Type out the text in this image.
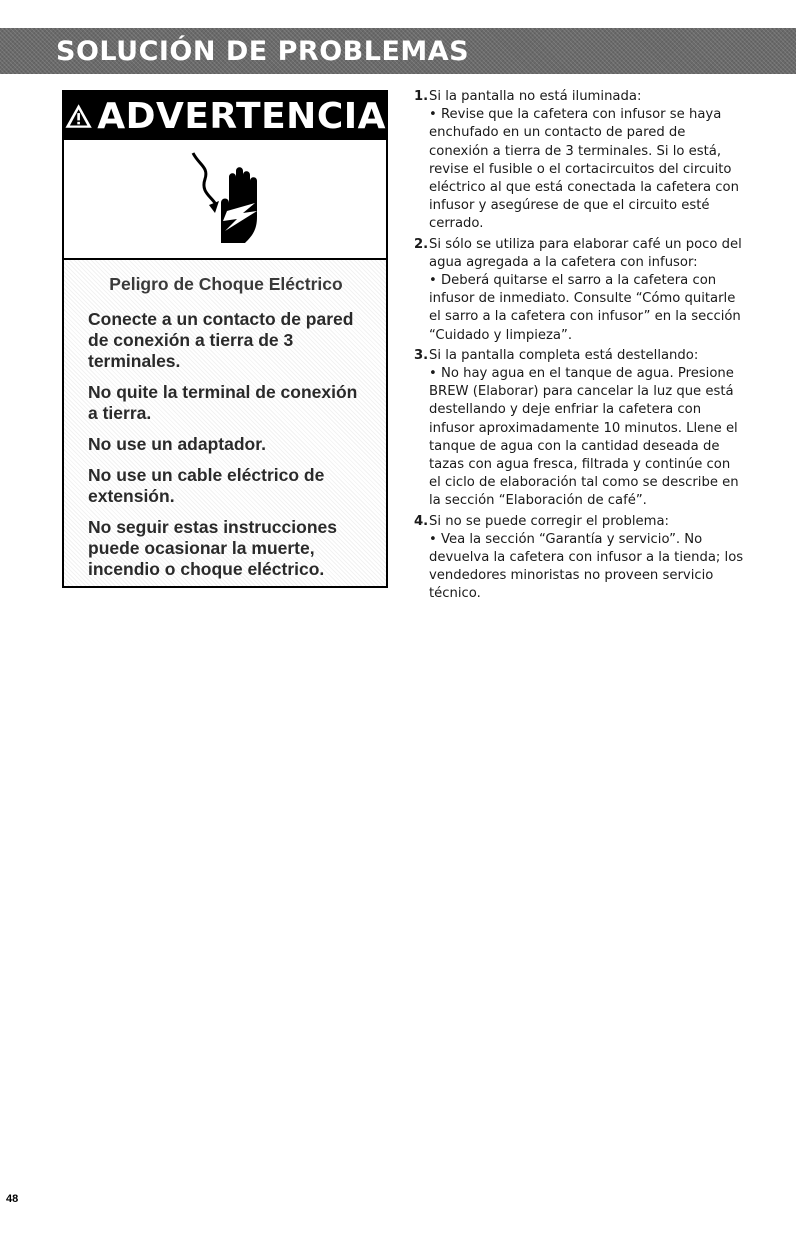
SOLUCIÓN DE PROBLEMAS
ADVERTENCIA

Peligro de Choque Eléctrico

Conecte a un contacto de pared de conexión a tierra de 3 terminales.

No quite la terminal de conexión a tierra.

No use un adaptador.

No use un cable eléctrico de extensión.

No seguir estas instrucciones puede ocasionar la muerte, incendio o choque eléctrico.

1. Si la pantalla no está iluminada:
• Revise que la cafetera con infusor se haya enchufado en un contacto de pared de conexión a tierra de 3 terminales. Si lo está, revise el fusible o el cortacircuitos del circuito eléctrico al que está conectada la cafetera con infusor y asegúrese de que el circuito esté cerrado.
2. Si sólo se utiliza para elaborar café un poco del agua agregada a la cafetera con infusor:
• Deberá quitarse el sarro a la cafetera con infusor de inmediato. Consulte “Cómo quitarle el sarro a la cafetera con infusor” en la sección “Cuidado y limpieza”.
3. Si la pantalla completa está destellando:
• No hay agua en el tanque de agua. Presione BREW (Elaborar) para cancelar la luz que está destellando y deje enfriar la cafetera con infusor aproximadamente 10 minutos. Llene el tanque de agua con la cantidad deseada de tazas con agua fresca, filtrada y continúe con el ciclo de elaboración tal como se describe en la sección “Elaboración de café”.
4. Si no se puede corregir el problema:
• Vea la sección “Garantía y servicio”. No devuelva la cafetera con infusor a la tienda; los vendedores minoristas no proveen servicio técnico.
48
